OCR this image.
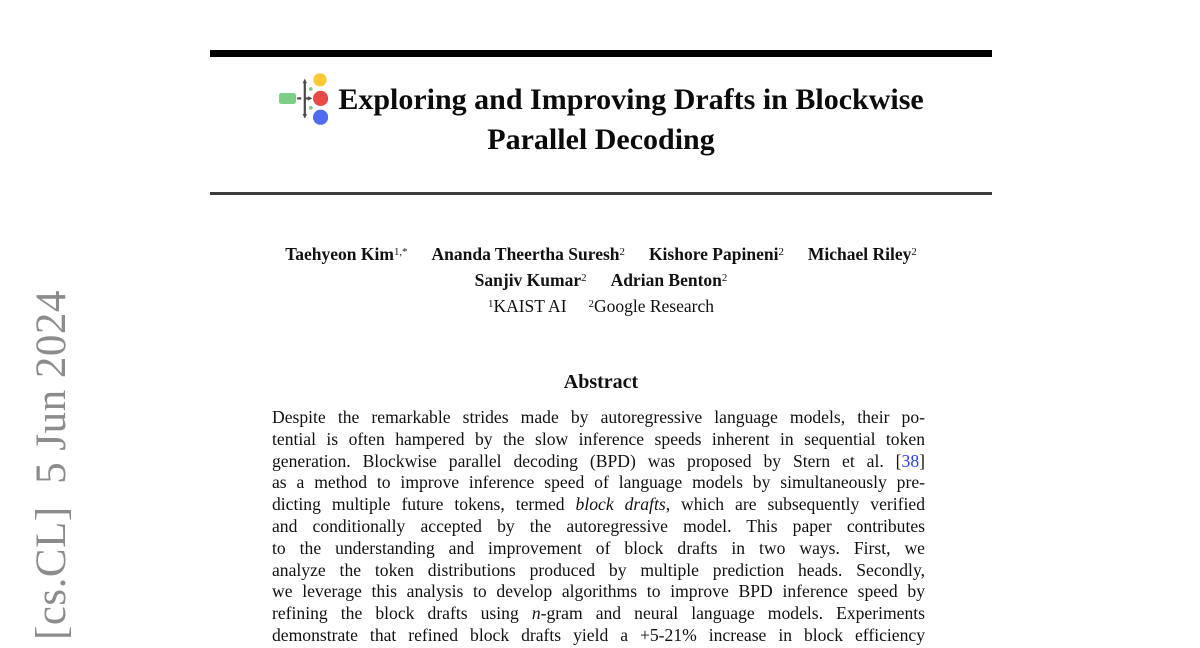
[cs.CL]  5 Jun 2024
Exploring and Improving Drafts in Blockwise
Parallel Decoding
Taehyeon Kim$^{1,*}$ Ananda Theertha Suresh$^2$ Kishore Papineni$^2$ Michael Riley$^2$
Sanjiv Kumar$^2$ Adrian Benton$^2$
$^1$KAIST AI $^2$Google Research
Abstract
Despite the remarkable strides made by autoregressive language models, their po-
tential is often hampered by the slow inference speeds inherent in sequential token
generation. Blockwise parallel decoding (BPD) was proposed by Stern et al. [38]
as a method to improve inference speed of language models by simultaneously pre-
dicting multiple future tokens, termed block drafts, which are subsequently verified
and conditionally accepted by the autoregressive model. This paper contributes
to the understanding and improvement of block drafts in two ways. First, we
analyze the token distributions produced by multiple prediction heads. Secondly,
we leverage this analysis to develop algorithms to improve BPD inference speed by
refining the block drafts using n-gram and neural language models. Experiments
demonstrate that refined block drafts yield a +5-21% increase in block efficiency
